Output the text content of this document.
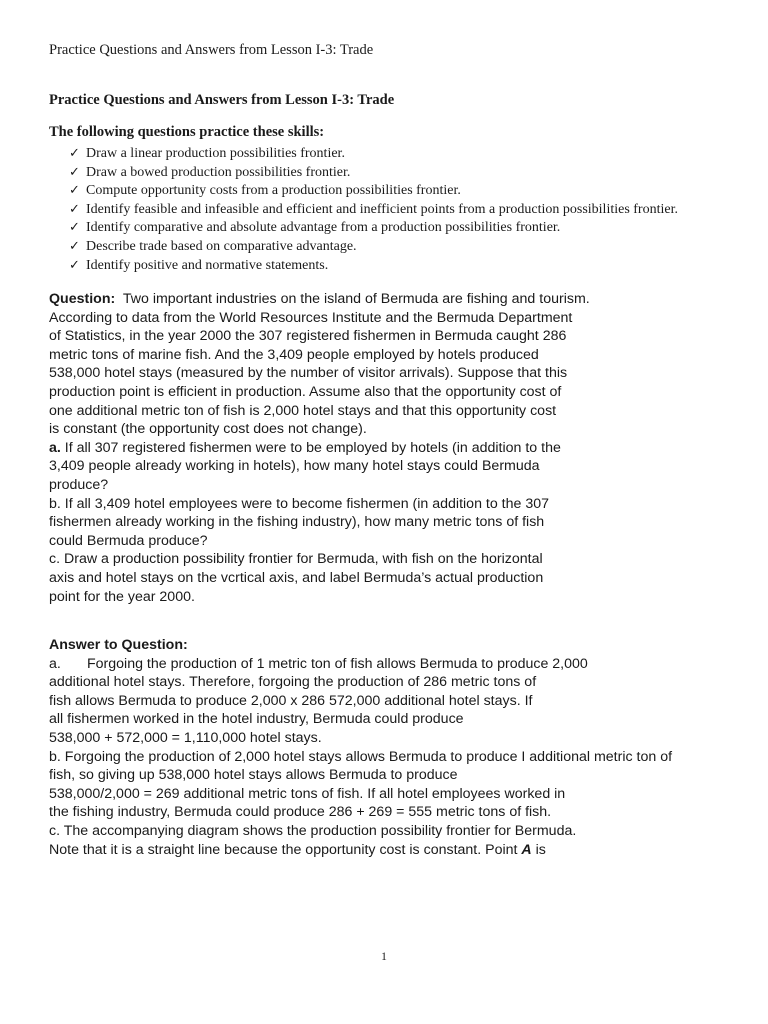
Practice Questions and Answers from Lesson I-3: Trade
Practice Questions and Answers from Lesson I-3: Trade
The following questions practice these skills:
✓ Draw a linear production possibilities frontier.
✓ Draw a bowed production possibilities frontier.
✓ Compute opportunity costs from a production possibilities frontier.
✓ Identify feasible and infeasible and efficient and inefficient points from a production possibilities frontier.
✓ Identify comparative and absolute advantage from a production possibilities frontier.
✓ Describe trade based on comparative advantage.
✓ Identify positive and normative statements.
Question: Two important industries on the island of Bermuda are fishing and tourism.
According to data from the World Resources Institute and the Bermuda Department
of Statistics, in the year 2000 the 307 registered fishermen in Bermuda caught 286
metric tons of marine fish. And the 3,409 people employed by hotels produced
538,000 hotel stays (measured by the number of visitor arrivals). Suppose that this
production point is efficient in production. Assume also that the opportunity cost of
one additional metric ton of fish is 2,000 hotel stays and that this opportunity cost
is constant (the opportunity cost does not change).
a. If all 307 registered fishermen were to be employed by hotels (in addition to the
3,409 people already working in hotels), how many hotel stays could Bermuda
produce?
b. If all 3,409 hotel employees were to become fishermen (in addition to the 307
fishermen already working in the fishing industry), how many metric tons of fish
could Bermuda produce?
c. Draw a production possibility frontier for Bermuda, with fish on the horizontal
axis and hotel stays on the vcrtical axis, and label Bermuda’s actual production
point for the year 2000.
Answer to Question:
a. Forgoing the production of 1 metric ton of fish allows Bermuda to produce 2,000
additional hotel stays. Therefore, forgoing the production of 286 metric tons of
fish allows Bermuda to produce 2,000 x 286 572,000 additional hotel stays. If
all fishermen worked in the hotel industry, Bermuda could produce
538,000 + 572,000 = 1,110,000 hotel stays.
b. Forgoing the production of 2,000 hotel stays allows Bermuda to produce I additional metric ton of
fish, so giving up 538,000 hotel stays allows Bermuda to produce
538,000/2,000 = 269 additional metric tons of fish. If all hotel employees worked in
the fishing industry, Bermuda could produce 286 + 269 = 555 metric tons of fish.
c. The accompanying diagram shows the production possibility frontier for Bermuda.
Note that it is a straight line because the opportunity cost is constant. Point A is
1
